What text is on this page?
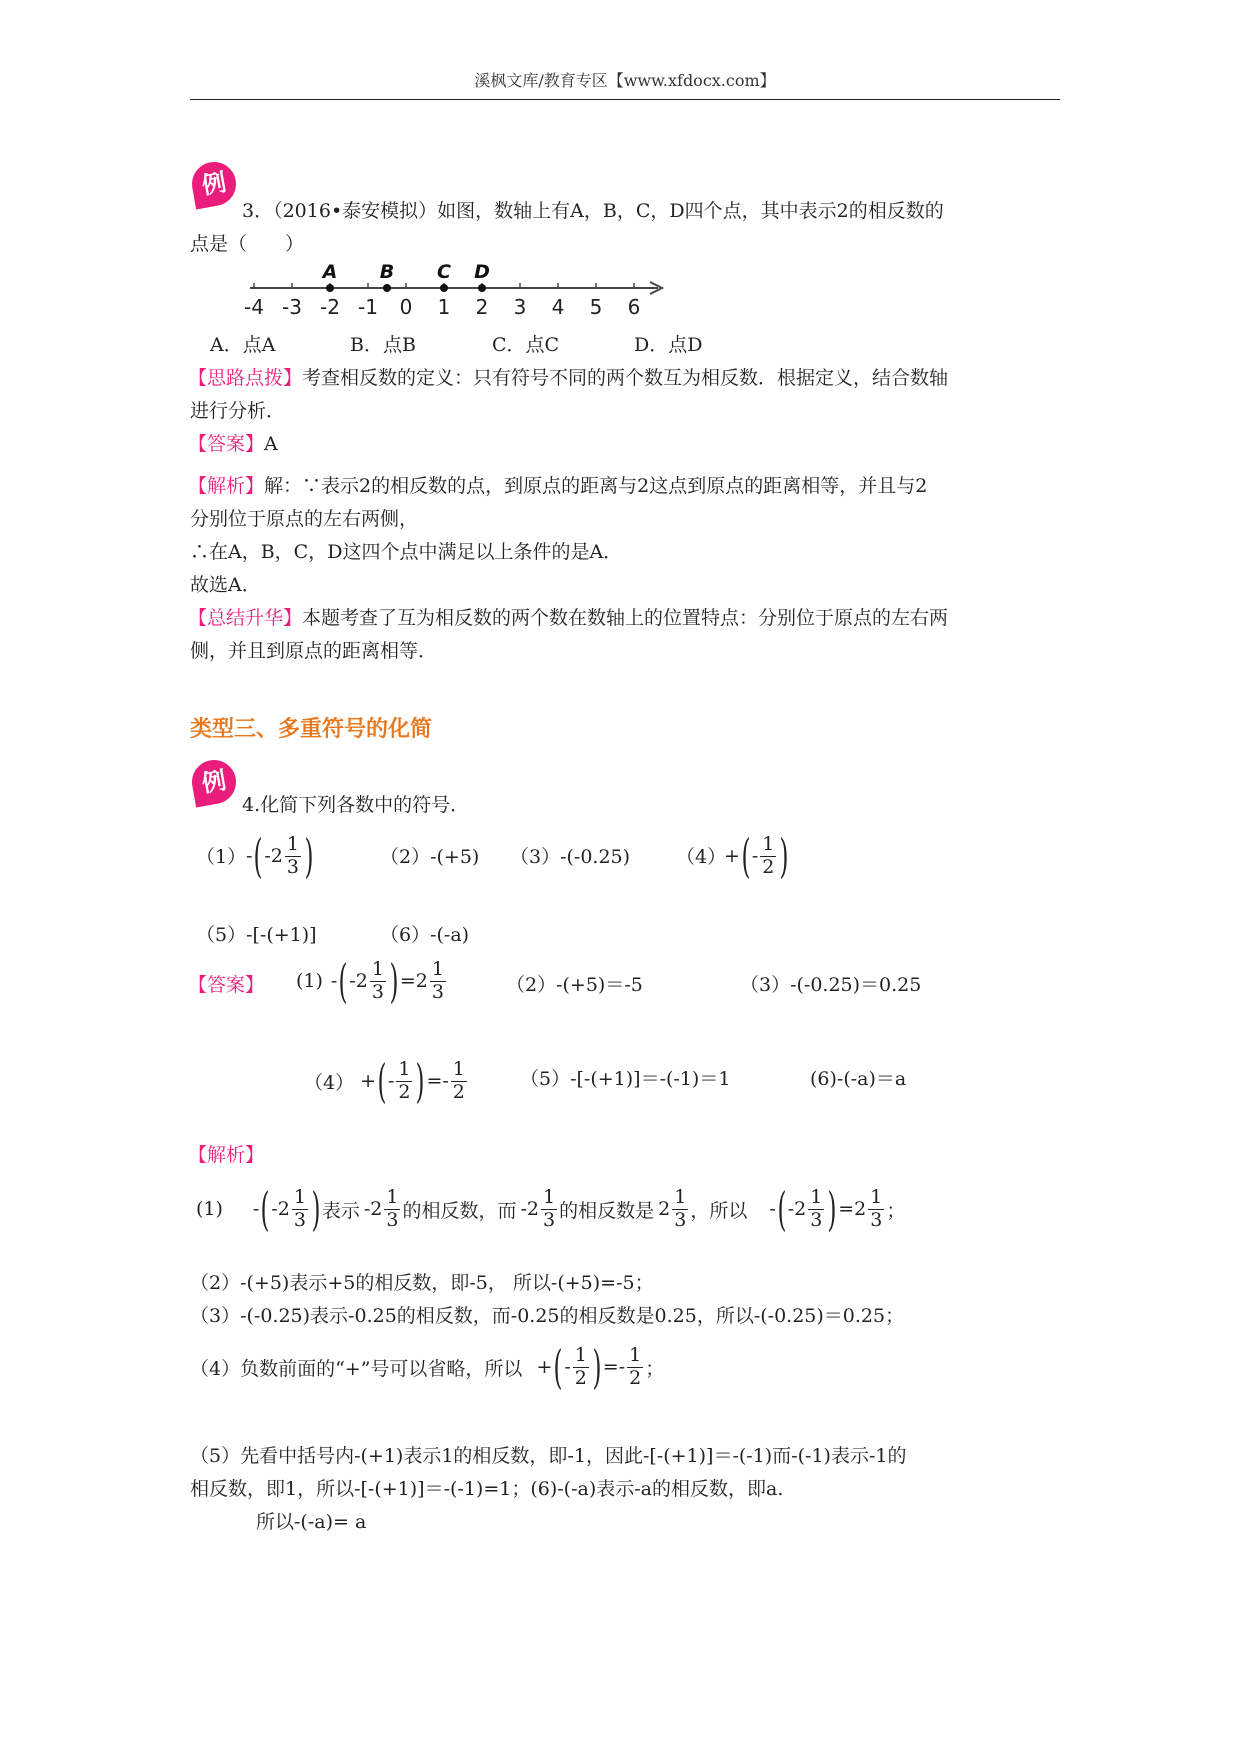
溪枫文库/教育专区【www.xfdocx.com】
例
3．（2016•泰安模拟）如图，数轴上有A，B，C，D四个点，其中表示2的相反数的
点是（　　）
-4 -3 -2 -1 0 1 2 3 4 5 6
A B C D
A．点A	B．点B	C．点C	D．点D
【思路点拨】考查相反数的定义：只有符号不同的两个数互为相反数．根据定义，结合数轴
进行分析．
【答案】A
【解析】解：∵表示2的相反数的点，到原点的距离与2这点到原点的距离相等，并且与2
分别位于原点的左右两侧，
∴在A，B，C，D这四个点中满足以上条件的是A．
故选A．
【总结升华】本题考查了互为相反数的两个数在数轴上的位置特点：分别位于原点的左右两
侧，并且到原点的距离相等．
类型三、多重符号的化简
例
4.化简下列各数中的符号．
（1） - ( $-2 \frac{1}{3}$ )	（2）-(+5) （3）-(-0.25) （4）
+ ( - $\frac{1}{2}$ )
（5）-[-(+1)]	（6）-(-a)
【答案】 (1) - ( $-2 \frac{1}{3}$ ) $=2 \frac{1}{3}$	（2）-(+5)＝-5	（3）-(-0.25)＝0.25
（4） + ( - $\frac{1}{2}$ ) =- $\frac{1}{2}$	（5）-[-(+1)]＝-(-1)＝1	(6)-(-a)＝a
【解析】
(1) - ( $-2 \frac{1}{3}$ ) 表示 $-2 \frac{1}{3}$ 的相反数，而 $-2 \frac{1}{3}$ 的相反数是 $2 \frac{1}{3}$ ，所以 - ( $-2 \frac{1}{3}$ ) $=2 \frac{1}{3}$ ；
（2）-(+5)表示+5的相反数，即-5， 所以-(+5)=-5；
（3）-(-0.25)表示-0.25的相反数，而-0.25的相反数是0.25，所以-(-0.25)＝0.25；
（4）负数前面的“+”号可以省略，所以 + ( - $\frac{1}{2}$ ) =- $\frac{1}{2}$ ；
（5）先看中括号内-(+1)表示1的相反数，即-1，因此-[-(+1)]＝-(-1)而-(-1)表示-1的
相反数，即1，所以-[-(+1)]＝-(-1)=1；(6)-(-a)表示-a的相反数，即a.
所以-(-a)= a
